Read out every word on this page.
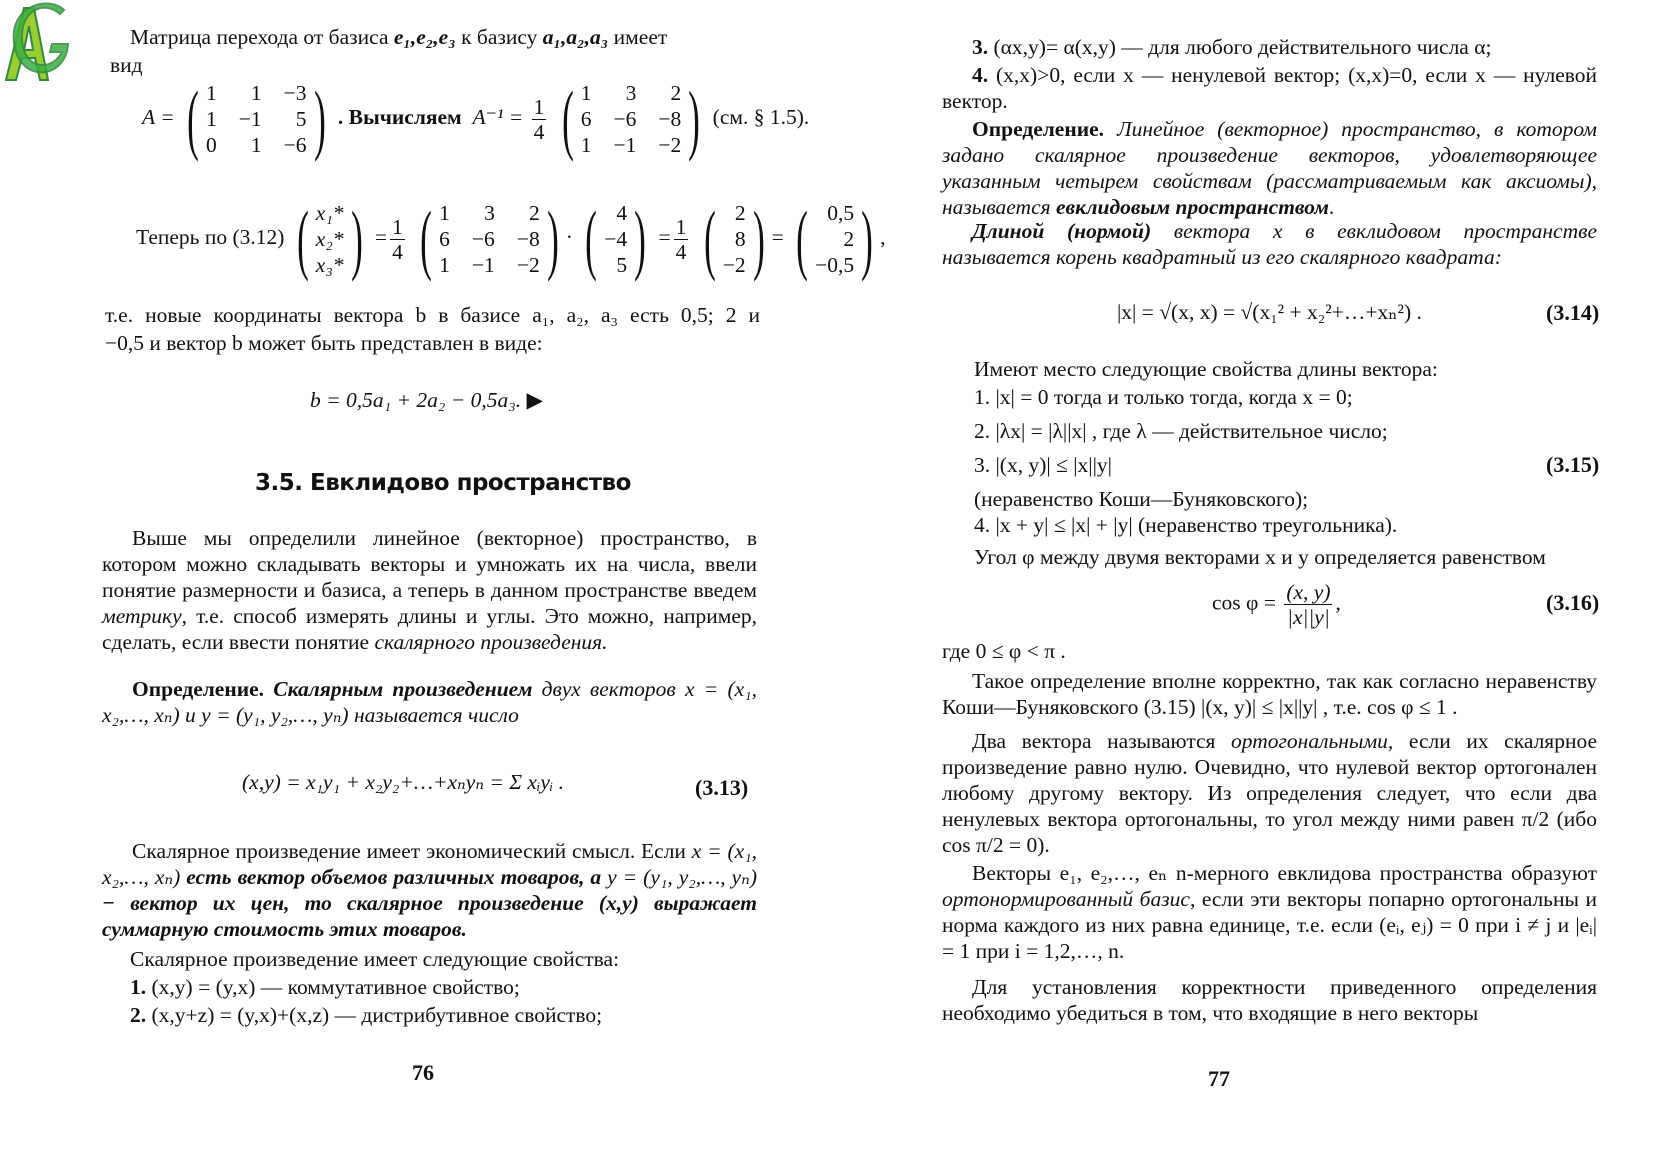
Матрица перехода от базиса e₁,e₂,e₃ к базису a₁,a₂,a₃ имеет
вид
A = ( 1	1 −3
1 −1	5
0	1 −6 ) . Вычисляем $A^{-1} = \frac{1}{4}$
( 1	3	2
6 −6 −8
1 −1 −2 ) (см. § 1.5).
Теперь по (3.12) ( x₁*
x₂*
x₃* ) = $\frac{1}{4}$
( 1	3	2
6 −6 −8
1 −1 −2 ) · ( 4
−4
5 ) = $\frac{1}{4}$
( 2
8
−2 ) = ( 0,5
2
−0,5 ) ,
т.е. новые координаты вектора b в базисе a₁, a₂, a₃ есть 0,5; 2 и
−0,5 и вектор b может быть представлен в виде:
b = 0,5a₁ + 2a₂ − 0,5a₃. ▶
3.5. Евклидово пространство
Выше мы определили линейное (векторное) пространство, в котором можно складывать векторы и умножать их на числа, ввели понятие размерности и базиса, а теперь в данном пространстве введем метрику, т.е. способ измерять длины и углы. Это можно, например, сделать, если ввести понятие скалярного произведения.
Определение. Скалярным произведением двух векторов x = (x₁, x₂,…, xₙ) и y = (y₁, y₂,…, yₙ) называется число
(x,y) = x₁y₁ + x₂y₂+…+xₙyₙ = Σ xᵢyᵢ .	(3.13)
Скалярное произведение имеет экономический смысл. Если x = (x₁, x₂,…, xₙ) есть вектор объемов различных товаров, а y = (y₁, y₂,…, yₙ) − вектор их цен, то скалярное произведение (x,y) выражает суммарную стоимость этих товаров.
Скалярное произведение имеет следующие свойства:
1. (x,y) = (y,x) — коммутативное свойство;
2. (x,y+z) = (y,x)+(x,z) — дистрибутивное свойство;
76
3. (αx,y)= α(x,y) — для любого действительного числа α;
4. (x,x)>0, если x — ненулевой вектор; (x,x)=0, если x — нулевой вектор.
Определение. Линейное (векторное) пространство, в котором задано скалярное произведение векторов, удовлетворяющее указанным четырем свойствам (рассматриваемым как аксиомы), называется евклидовым пространством.
Длиной (нормой) вектора x в евклидовом пространстве называется корень квадратный из его скалярного квадрата:
|x| = √(x, x) = √(x₁² + x₂²+…+xₙ²) .	(3.14)
Имеют место следующие свойства длины вектора:
1. |x| = 0 тогда и только тогда, когда x = 0;
2. |λx| = |λ||x| , где λ — действительное число;
3. |(x, y)| ≤ |x||y|	(3.15)
(неравенство Коши—Буняковского);
4. |x + y| ≤ |x| + |y| (неравенство треугольника).
Угол φ между двумя векторами x и y определяется равенством
$\cos \varphi = \frac{(x, y)}{|x||y|}$ ,	(3.16)
где 0 ≤ φ < π .
Такое определение вполне корректно, так как согласно неравенству Коши—Буняковского (3.15) |(x, y)| ≤ |x||y| , т.е. cos φ ≤ 1 .
Два вектора называются ортогональными, если их скалярное произведение равно нулю. Очевидно, что нулевой вектор ортогонален любому другому вектору. Из определения следует, что если два ненулевых вектора ортогональны, то угол между ними равен π/2 (ибо cos π/2 = 0).
Векторы e₁, e₂,…, eₙ n-мерного евклидова пространства образуют ортонормированный базис, если эти векторы попарно ортогональны и норма каждого из них равна единице, т.е. если (eᵢ, eⱼ) = 0 при i ≠ j и |eᵢ| = 1 при i = 1,2,…, n.
Для установления корректности приведенного определения необходимо убедиться в том, что входящие в него векторы
77
